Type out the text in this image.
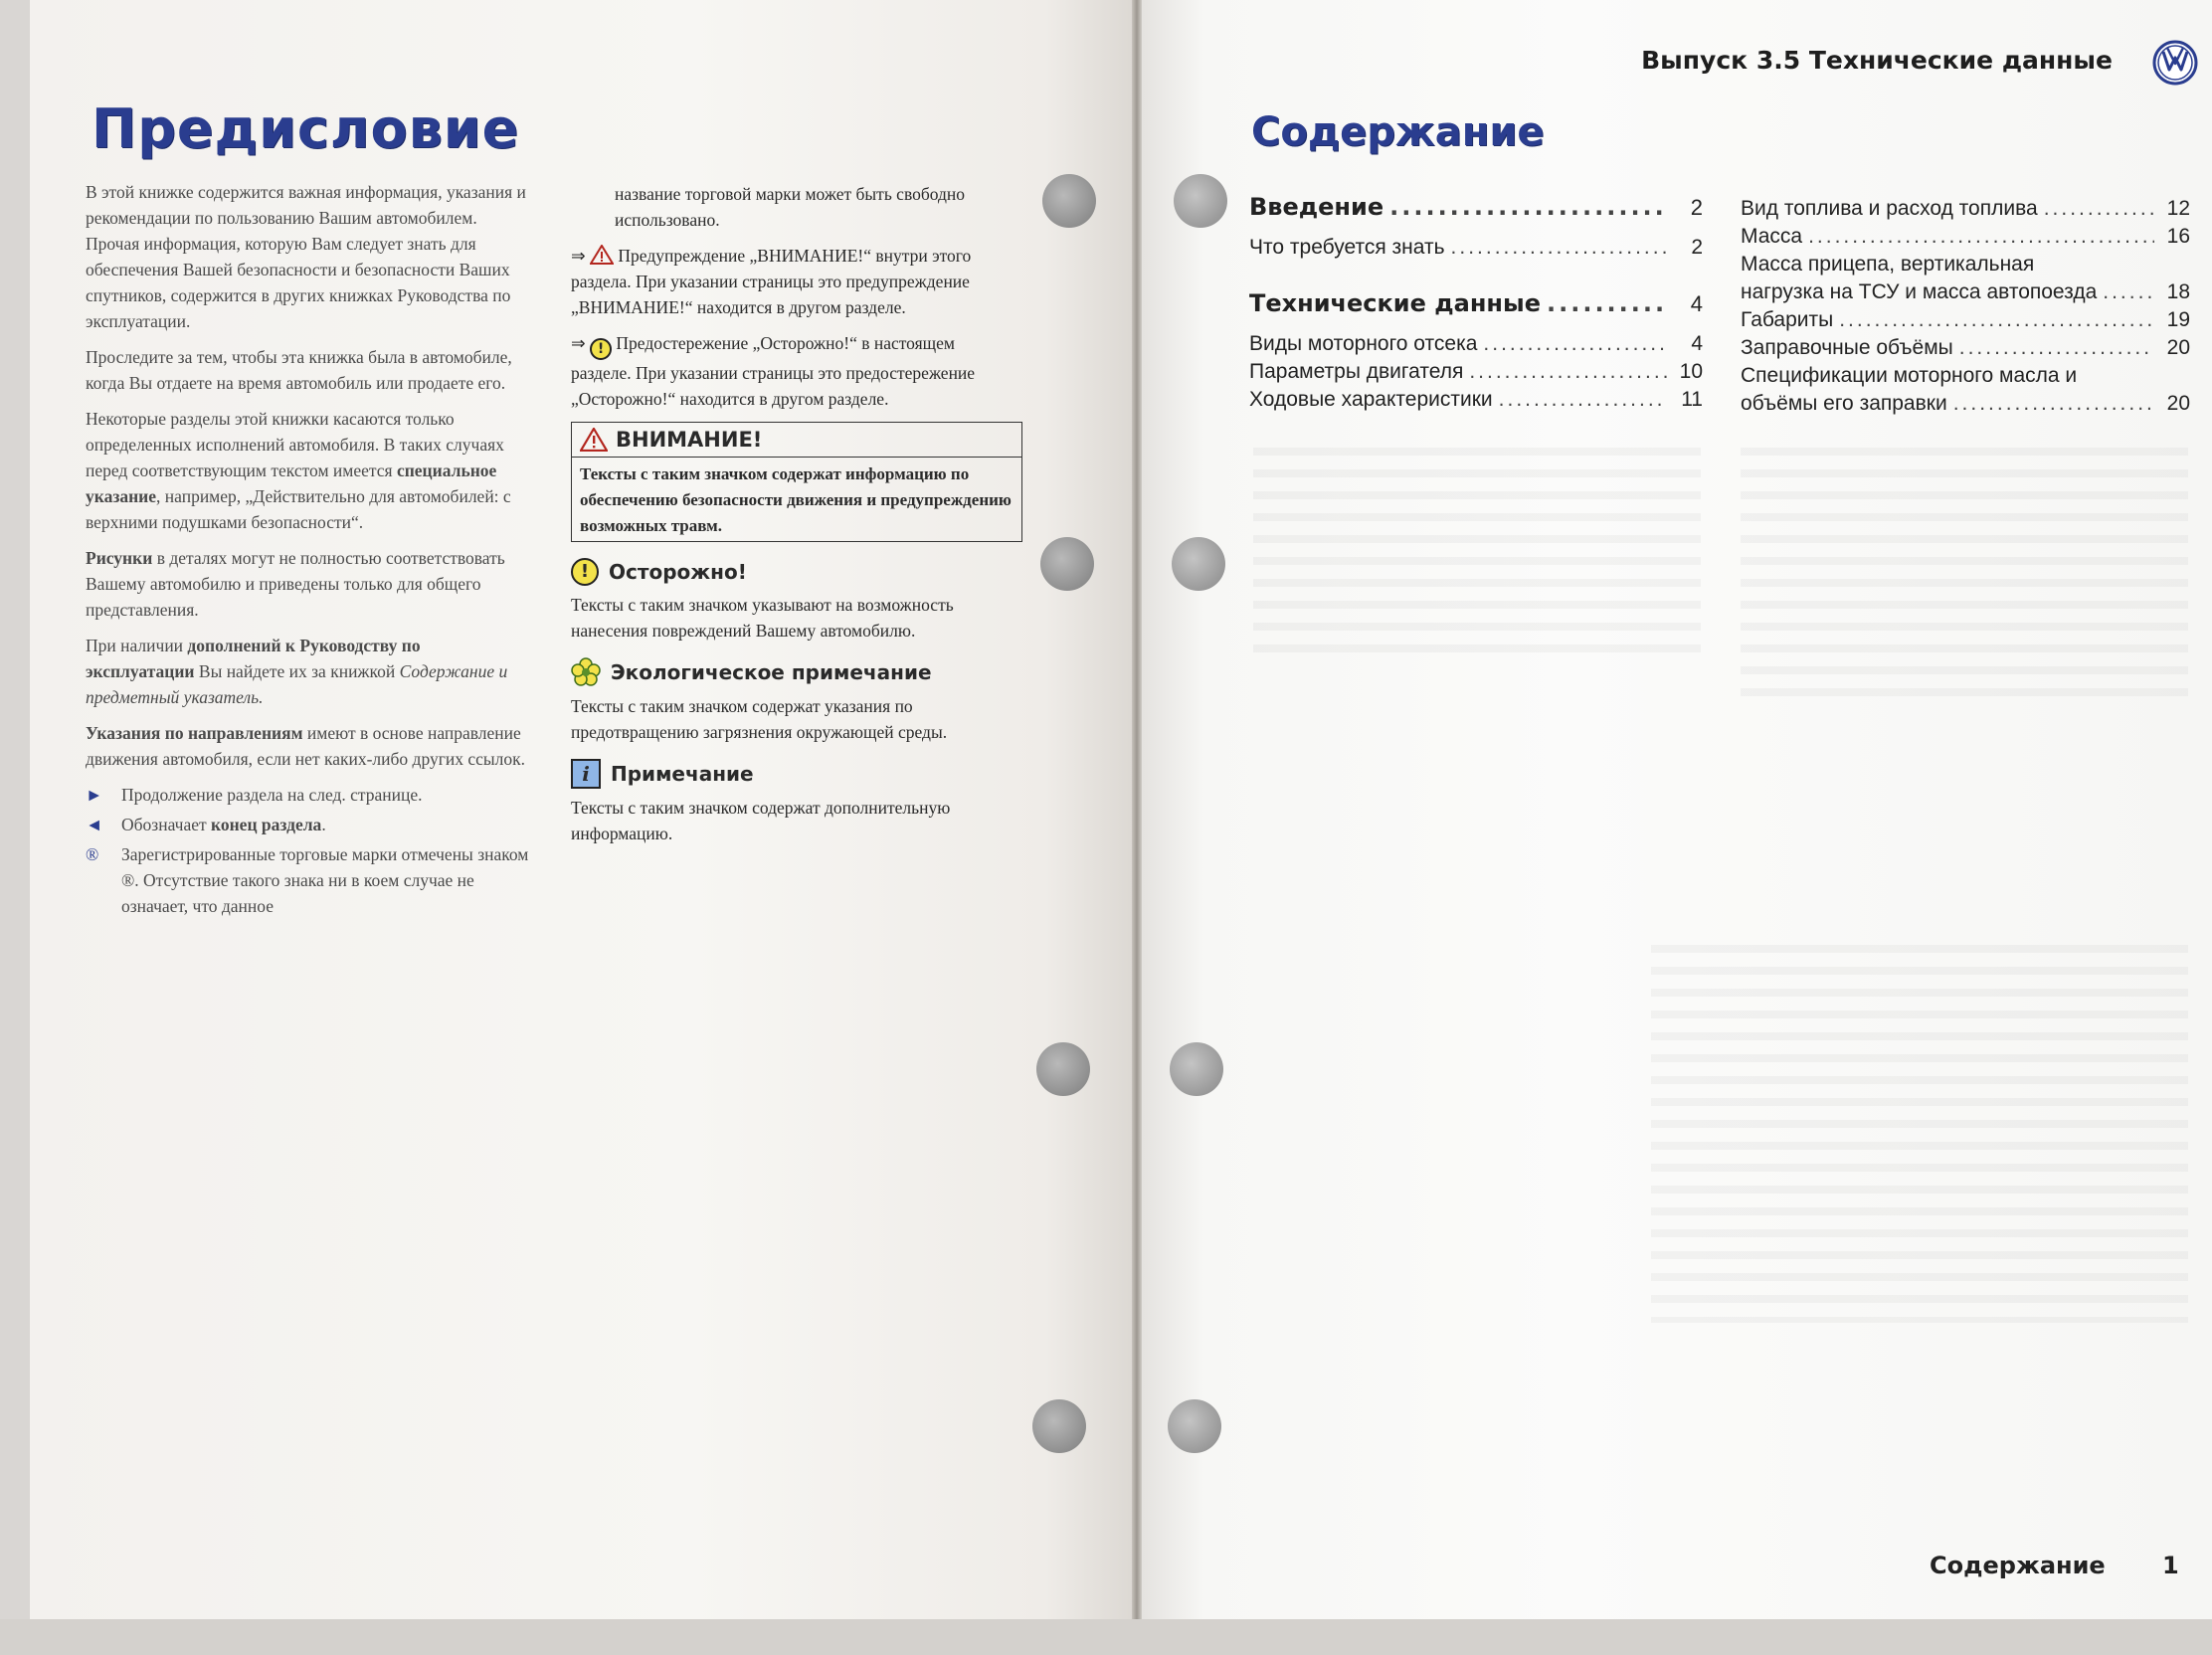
Предисловие

В этой книжке содержится важная информация, указания и рекомендации по пользованию Вашим автомобилем. Прочая информация, которую Вам следует знать для обеспечения Вашей безопасности и безопасности Ваших спутников, содержится в других книжках Руководства по эксплуатации.

Проследите за тем, чтобы эта книжка была в автомобиле, когда Вы отдаете на время автомобиль или продаете его.

Некоторые разделы этой книжки касаются только определенных исполнений автомобиля. В таких случаях перед соответствующим текстом имеется специальное указание, например, „Действительно для автомобилей: с верхними подушками безопасности“.

Рисунки в деталях могут не полностью соответствовать Вашему автомобилю и приведены только для общего представления.

При наличии дополнений к Руководству по эксплуатации Вы найдете их за книжкой Содержание и предметный указатель.

Указания по направлениям имеют в основе направление движения автомобиля, если нет каких-либо других ссылок.

►	Продолжение раздела на след. странице.
◄	Обозначает конец раздела.
®	Зарегистрированные торговые марки отмечены знаком ®. Отсутствие такого знака ни в коем случае не означает, что данное

название торговой марки может быть свободно использовано.

⇒  Предупреждение „ВНИМАНИЕ!“ внутри этого раздела. При указании страницы это предупреждение „ВНИМАНИЕ!“ находится в другом разделе.

⇒ ! Предостережение „Осторожно!“ в настоящем разделе. При указании страницы это предостережение „Осторожно!“ находится в другом разделе.

ВНИМАНИЕ!
Тексты с таким значком содержат информацию по обеспечению безопасности движения и предупреждению возможных травм.
! Осторожно!

Тексты с таким значком указывают на возможность нанесения повреждений Вашему автомобилю.

Экологическое примечание

Тексты с таким значком содержат указания по предотвращению загрязнения окружающей среды.

i	Примечание

Тексты с таким значком содержат дополнительную информацию.

Выпуск 3.5 Технические данные
Содержание
Введение .....	2
Что требуется знать .....	2
Технические данные .....	4
Виды моторного отсека .....	4
Параметры двигателя .....	10
Ходовые характеристики .....	11
Вид топлива и расход топлива .....	12
Масса .....	16
Масса прицепа, вертикальная
нагрузка на ТСУ и масса автопоезда .....	18
Габариты .....	19
Заправочные объёмы .....	20
Спецификации моторного масла и
объёмы его заправки .....	20
Содержание 1
